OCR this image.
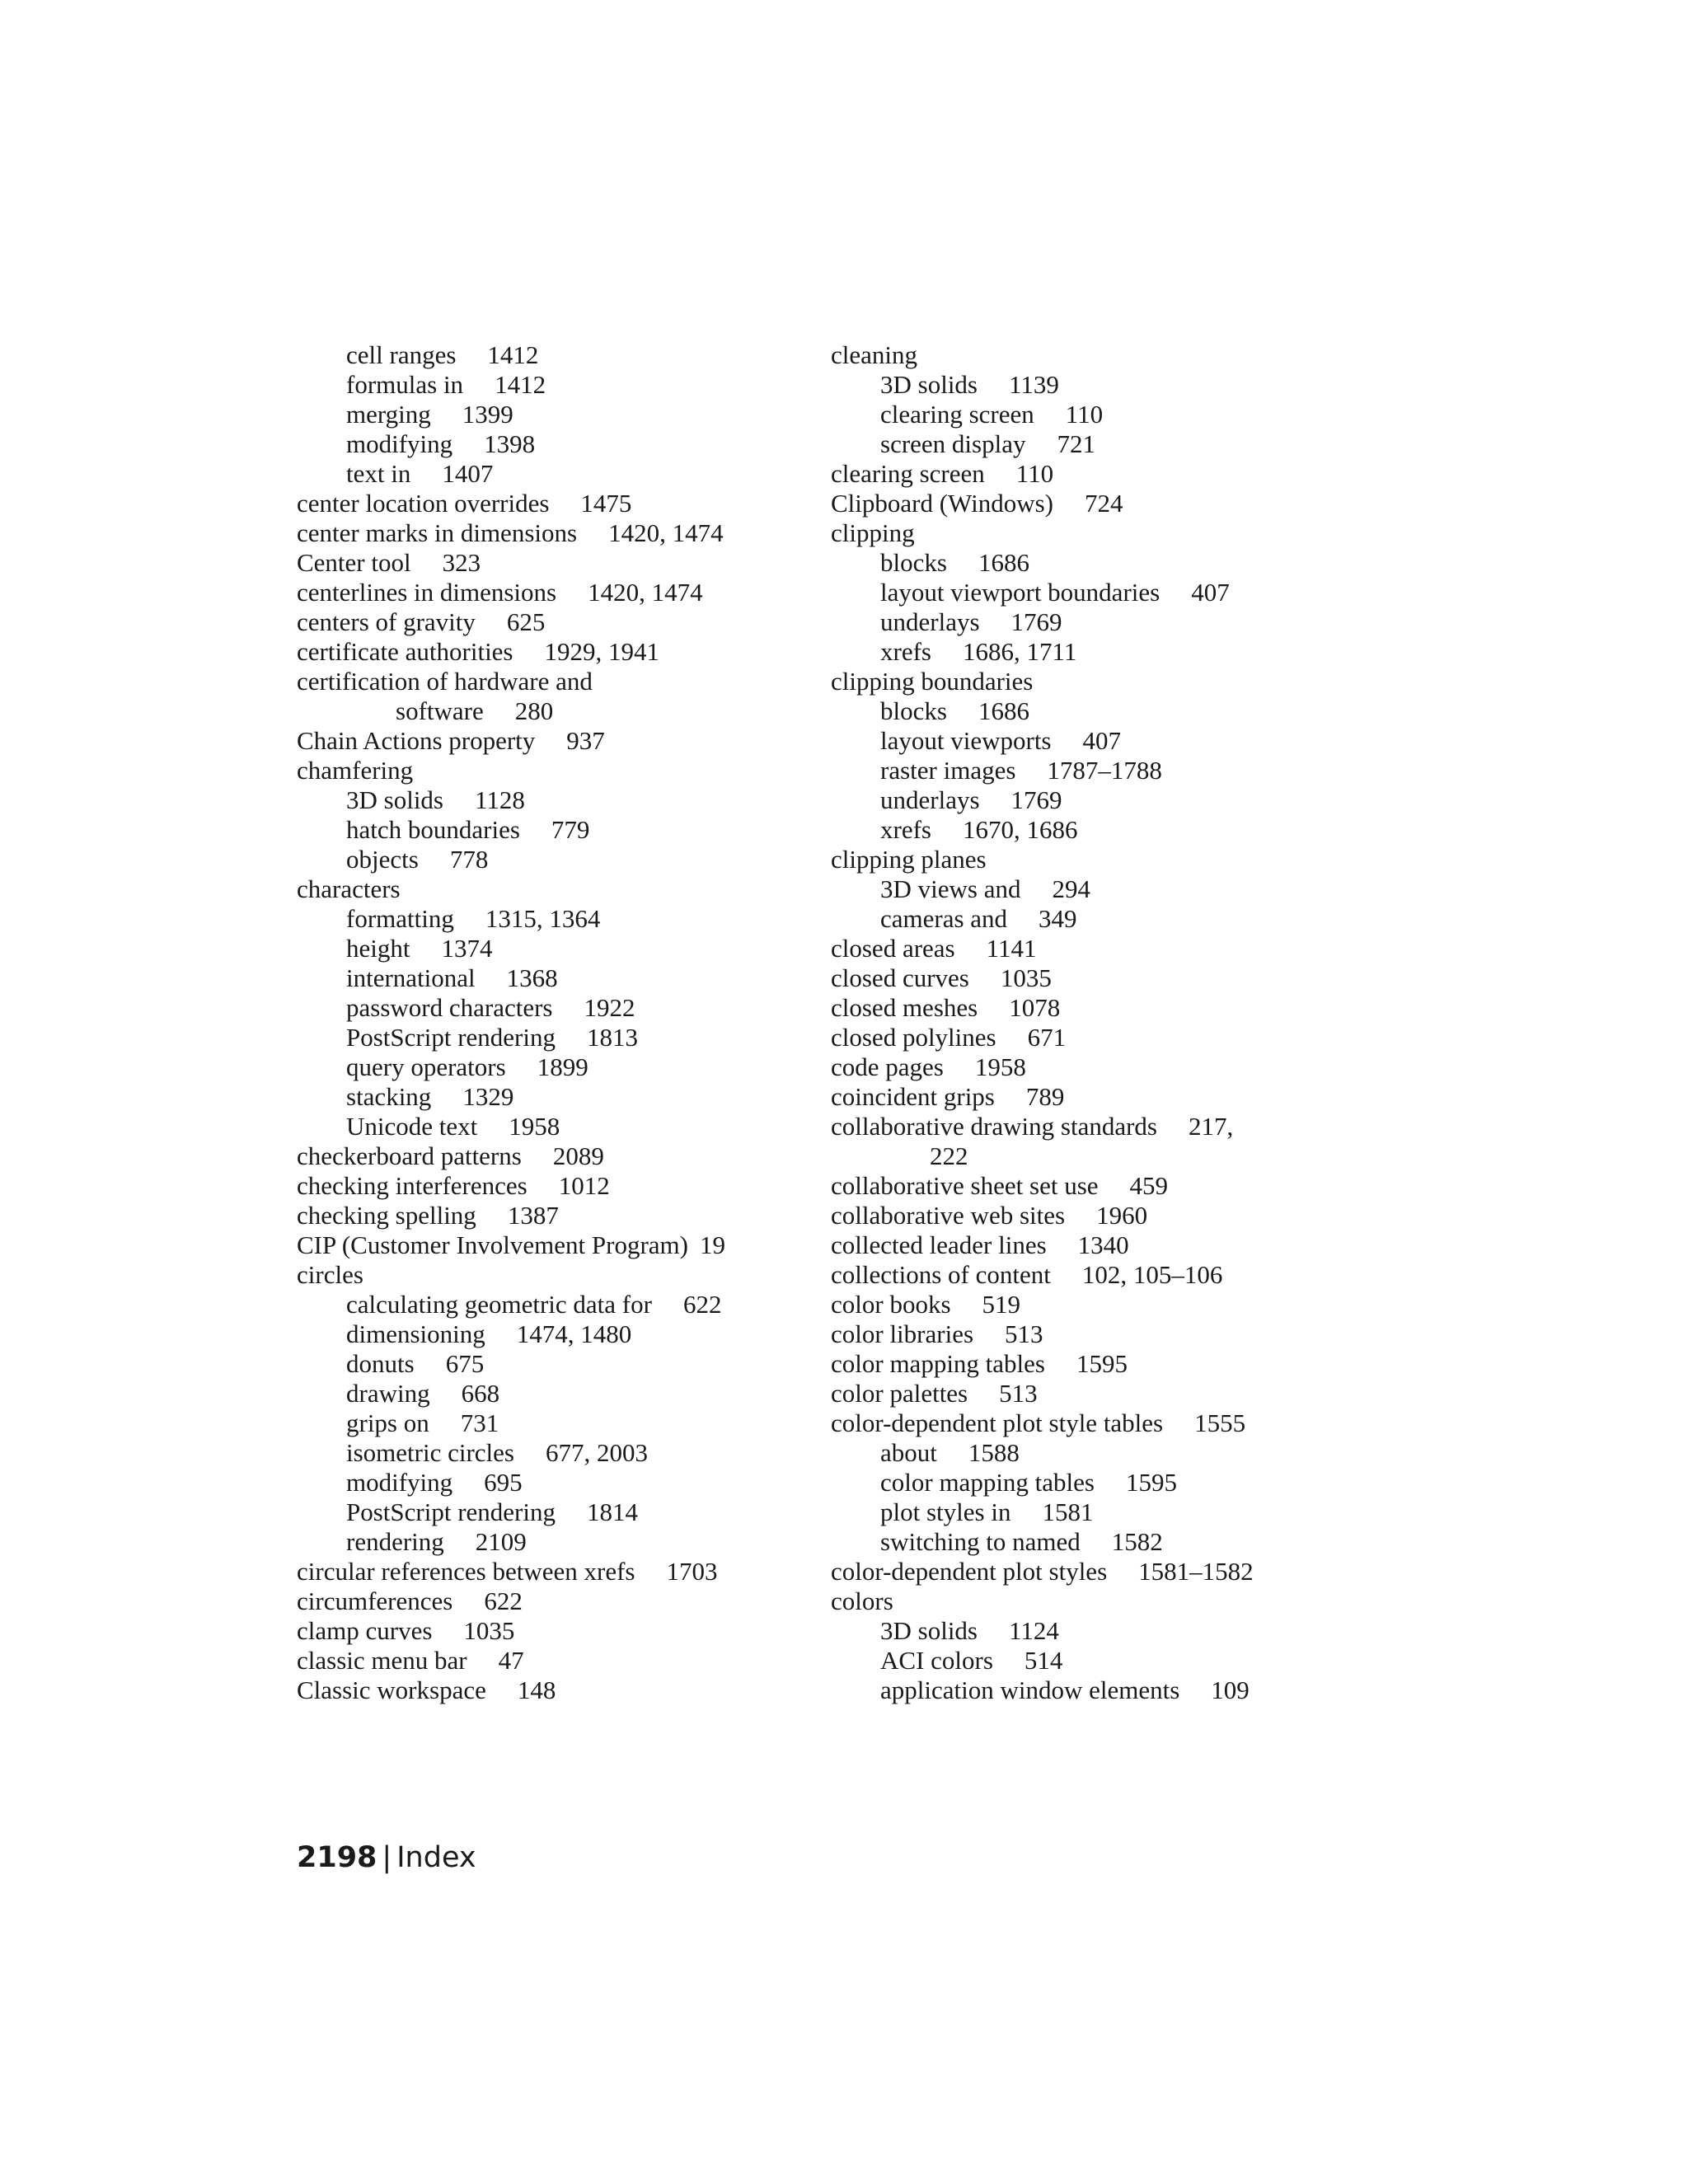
cell ranges 1412
formulas in 1412
merging 1399
modifying 1398
text in 1407
center location overrides 1475
center marks in dimensions 1420, 1474
Center tool 323
centerlines in dimensions 1420, 1474
centers of gravity 625
certificate authorities 1929, 1941
certification of hardware and
software 280
Chain Actions property 937
chamfering
3D solids 1128
hatch boundaries 779
objects 778
characters
formatting 1315, 1364
height 1374
international 1368
password characters 1922
PostScript rendering 1813
query operators 1899
stacking 1329
Unicode text 1958
checkerboard patterns 2089
checking interferences 1012
checking spelling 1387
CIP (Customer Involvement Program) 19
circles
calculating geometric data for 622
dimensioning 1474, 1480
donuts 675
drawing 668
grips on 731
isometric circles 677, 2003
modifying 695
PostScript rendering 1814
rendering 2109
circular references between xrefs 1703
circumferences 622
clamp curves 1035
classic menu bar 47
Classic workspace 148
cleaning
3D solids 1139
clearing screen 110
screen display 721
clearing screen 110
Clipboard (Windows) 724
clipping
blocks 1686
layout viewport boundaries 407
underlays 1769
xrefs 1686, 1711
clipping boundaries
blocks 1686
layout viewports 407
raster images 1787–1788
underlays 1769
xrefs 1670, 1686
clipping planes
3D views and 294
cameras and 349
closed areas 1141
closed curves 1035
closed meshes 1078
closed polylines 671
code pages 1958
coincident grips 789
collaborative drawing standards 217,
222
collaborative sheet set use 459
collaborative web sites 1960
collected leader lines 1340
collections of content 102, 105–106
color books 519
color libraries 513
color mapping tables 1595
color palettes 513
color-dependent plot style tables 1555
about 1588
color mapping tables 1595
plot styles in 1581
switching to named 1582
color-dependent plot styles 1581–1582
colors
3D solids 1124
ACI colors 514
application window elements 109
2198 | Index
